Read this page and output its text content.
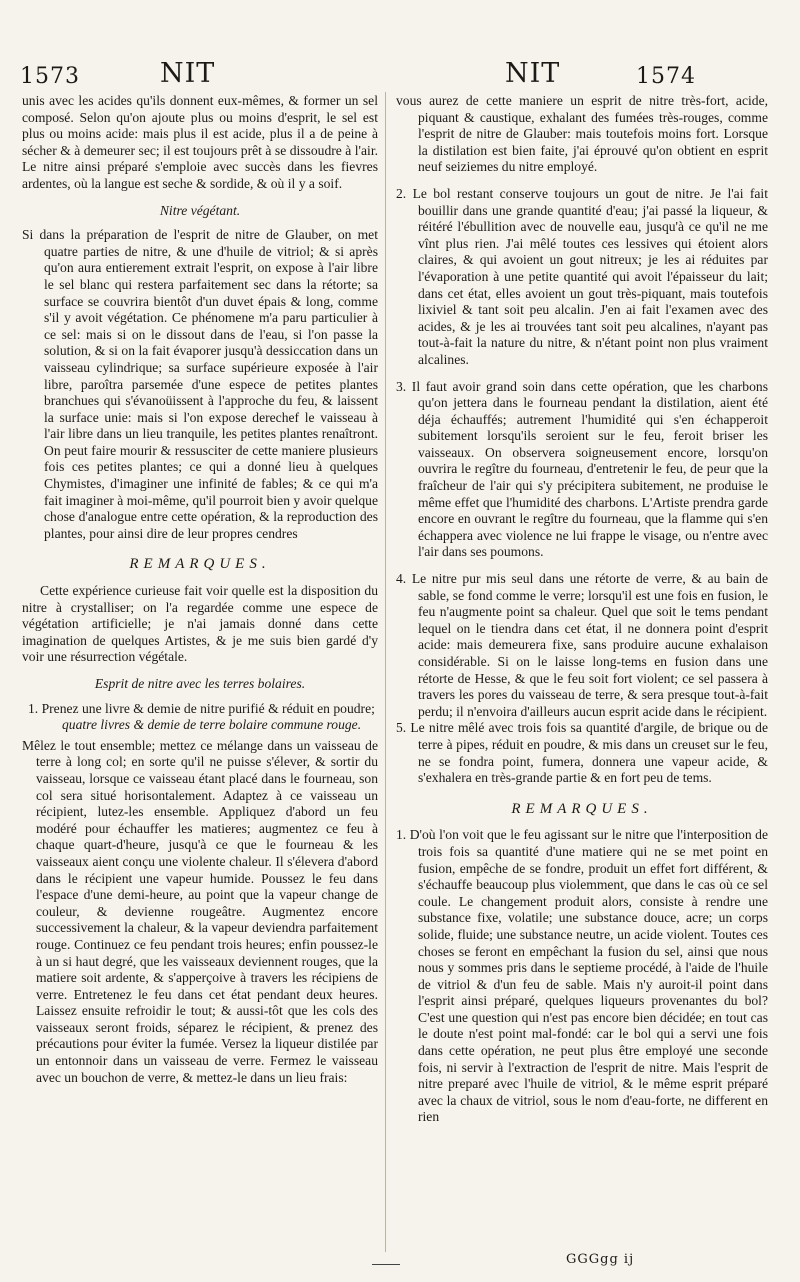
1573	NIT	NIT	1574

unis avec les acides qu'ils donnent eux-mêmes, & former un sel composé. Selon qu'on ajoute plus ou moins d'esprit, le sel est plus ou moins acide: mais plus il est acide, plus il a de peine à sécher & à demeurer sec; il est toujours prêt à se dissoudre à l'air. Le nitre ainsi préparé s'emploie avec succès dans les fievres ardentes, où la langue est seche & sordide, & où il y a soif.

Nitre végétant.

Si dans la préparation de l'esprit de nitre de Glauber, on met quatre parties de nitre, & une d'huile de vitriol; & si après qu'on aura entierement extrait l'esprit, on expose à l'air libre le sel blanc qui restera parfaitement sec dans la rétorte; sa surface se couvrira bientôt d'un duvet épais & long, comme s'il y avoit végétation. Ce phénomene m'a paru particulier à ce sel: mais si on le dissout dans de l'eau, si l'on passe la solution, & si on la fait évaporer jusqu'à dessiccation dans un vaisseau cylindrique; sa surface supérieure exposée à l'air libre, paroîtra parsemée d'une espece de petites plantes branchues qui s'évanoüissent à l'approche du feu, & laissent la surface unie: mais si l'on expose derechef le vaisseau à l'air libre dans un lieu tranquile, les petites plantes renaîtront. On peut faire mourir & ressusciter de cette maniere plusieurs fois ces petites plantes; ce qui a donné lieu à quelques Chymistes, d'imaginer une infinité de fables; & ce qui m'a fait imaginer à moi-même, qu'il pourroit bien y avoir quelque chose d'analogue entre cette opération, & la reproduction des plantes, pour ainsi dire de leur propres cendres

REMARQUES.

Cette expérience curieuse fait voir quelle est la disposition du nitre à crystalliser; on l'a regardée comme une espece de végétation artificielle; je n'ai jamais donné dans cette imagination de quelques Artistes, & je me suis bien gardé d'y voir une résurrection végétale.

Esprit de nitre avec les terres bolaires.

1. Prenez une livre & demie de nitre purifié & réduit en poudre;

quatre livres & demie de terre bolaire commune rouge.

Mêlez le tout ensemble; mettez ce mélange dans un vaisseau de terre à long col; en sorte qu'il ne puisse s'élever, & sortir du vaisseau, lorsque ce vaisseau étant placé dans le fourneau, son col sera situé horisontalement. Adaptez à ce vaisseau un récipient, lutez-les ensemble. Appliquez d'abord un feu modéré pour échauffer les matieres; augmentez ce feu à chaque quart-d'heure, jusqu'à ce que le fourneau & les vaisseaux aient conçu une violente chaleur. Il s'élevera d'abord dans le récipient une vapeur humide. Poussez le feu dans l'espace d'une demi-heure, au point que la vapeur change de couleur, & devienne rougeâtre. Augmentez encore successivement la chaleur, & la vapeur deviendra parfaitement rouge. Continuez ce feu pendant trois heures; enfin poussez-le à un si haut degré, que les vaisseaux deviennent rouges, que la matiere soit ardente, & s'apperçoive à travers les récipiens de verre. Entretenez le feu dans cet état pendant deux heures. Laissez ensuite refroidir le tout; & aussi-tôt que les cols des vaisseaux seront froids, séparez le récipient, & prenez des précautions pour éviter la fumée. Versez la liqueur distilée par un entonnoir dans un vaisseau de verre. Fermez le vaisseau avec un bouchon de verre, & mettez-le dans un lieu frais:

vous aurez de cette maniere un esprit de nitre très-fort, acide, piquant & caustique, exhalant des fumées très-rouges, comme l'esprit de nitre de Glauber: mais toutefois moins fort. Lorsque la distilation est bien faite, j'ai éprouvé qu'on obtient en esprit neuf seiziemes du nitre employé.

2. Le bol restant conserve toujours un gout de nitre. Je l'ai fait bouillir dans une grande quantité d'eau; j'ai passé la liqueur, & réitéré l'ébullition avec de nouvelle eau, jusqu'à ce qu'il ne me vînt plus rien. J'ai mêlé toutes ces lessives qui étoient alors claires, & qui avoient un gout nitreux; je les ai réduites par l'évaporation à une petite quantité qui avoit l'épaisseur du lait; dans cet état, elles avoient un gout très-piquant, mais toutefois lixiviel & tant soit peu alcalin. J'en ai fait l'examen avec des acides, & je les ai trouvées tant soit peu alcalines, n'ayant pas tout-à-fait la nature du nitre, & n'étant point non plus vraiment alcalines.

3. Il faut avoir grand soin dans cette opération, que les charbons qu'on jettera dans le fourneau pendant la distilation, aient été déja échauffés; autrement l'humidité qui s'en échapperoit subitement lorsqu'ils seroient sur le feu, feroit briser les vaisseaux. On observera soigneusement encore, lorsqu'on ouvrira le regître du fourneau, d'entretenir le feu, de peur que la fraîcheur de l'air qui s'y précipitera subitement, ne produise le même effet que l'humidité des charbons. L'Artiste prendra garde encore en ouvrant le regître du fourneau, que la flamme qui s'en échappera avec violence ne lui frappe le visage, ou n'entre avec l'air dans ses poumons.

4. Le nitre pur mis seul dans une rétorte de verre, & au bain de sable, se fond comme le verre; lorsqu'il est une fois en fusion, le feu n'augmente point sa chaleur. Quel que soit le tems pendant lequel on le tiendra dans cet état, il ne donnera point d'esprit acide: mais demeurera fixe, sans produire aucune exhalaison considérable. Si on le laisse long-tems en fusion dans une rétorte de Hesse, & que le feu soit fort violent; ce sel passera à travers les pores du vaisseau de terre, & sera presque tout-à-fait perdu; il n'envoira d'ailleurs aucun esprit acide dans le récipient.

5. Le nitre mêlé avec trois fois sa quantité d'argile, de brique ou de terre à pipes, réduit en poudre, & mis dans un creuset sur le feu, ne se fondra point, fumera, donnera une vapeur acide, & s'exhalera en très-grande partie & en fort peu de tems.

REMARQUES.

1. D'où l'on voit que le feu agissant sur le nitre que l'interposition de trois fois sa quantité d'une matiere qui ne se met point en fusion, empêche de se fondre, produit un effet fort différent, & s'échauffe beaucoup plus violemment, que dans le cas où ce sel coule. Le changement produit alors, consiste à rendre une substance fixe, volatile; une substance douce, acre; un corps solide, fluide; une substance neutre, un acide violent. Toutes ces choses se feront en empêchant la fusion du sel, ainsi que nous nous y sommes pris dans le septieme procédé, à l'aide de l'huile de vitriol & d'un feu de sable. Mais n'y auroit-il point dans l'esprit ainsi préparé, quelques liqueurs provenantes du bol? C'est une question qui n'est pas encore bien décidée; en tout cas le doute n'est point mal-fondé: car le bol qui a servi une fois dans cette opération, ne peut plus être employé une seconde fois, ni servir à l'extraction de l'esprit de nitre. Mais l'esprit de nitre preparé avec l'huile de vitriol, & le même esprit préparé avec la chaux de vitriol, sous le nom d'eau-forte, ne different en rien

GGGgg ij
